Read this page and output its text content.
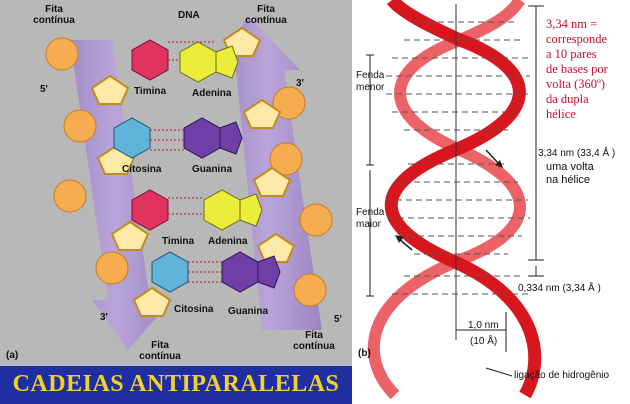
Fita contínua	DNA
Fita contínua
5'
3'
Timina	Adenina
Citosina	Guanina
Timina Adenina
Citosina Guanina
3'	5'
Fita contínua
Fita contínua
(a)
CADEIAS ANTIPARALELAS
Fenda
menor
Fenda
maior
3,34 nm (33,4 Å )
uma volta
na hélice
0,334 nm (3,34 Å )
1,0 nm
(10 Å)
ligação de hidrogênio
(b)
3,34 nm =
corresponde
a 10 pares
de bases por
volta (360º)
da dupla
hélice
